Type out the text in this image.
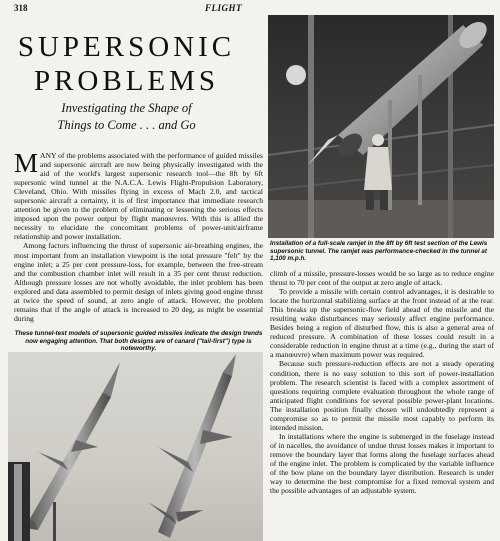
318	FLIGHT
SUPERSONIC
PROBLEMS
Investigating the Shape of
Things to Come . . . and Go
Installation of a full-scale ramjet in the 8ft by 6ft test section of the Lewis supersonic tunnel. The ramjet was performance-checked in the tunnel at 1,100 m.p.h.

MANY of the problems associated with the performance of guided missiles and supersonic aircraft are now being physically investigated with the aid of the world's largest supersonic research tool—the 8ft by 6ft supersonic wind tunnel at the N.A.C.A. Lewis Flight-Propulsion Laboratory, Cleveland, Ohio. With missiles flying in excess of Mach 2.0, and tactical supersonic aircraft a certainty, it is of first importance that immediate research attention be given to the problem of eliminating or lessening the serious effects imposed upon the power output by flight manœuvres. With this is allied the necessity to elucidate the concomitant problems of power-unit/airframe relationship and power installation.

Among factors influencing the thrust of supersonic air-breathing engines, the most important from an installation viewpoint is the total pressure "felt" by the engine inlet; a 25 per cent pressure-loss, for example, between the free-stream and the combustion chamber inlet will result in a 35 per cent thrust reduction. Although pressure losses are not wholly avoidable, the inlet problem has been explored and data assembled to permit design of inlets giving good engine thrust at twice the speed of sound, at zero angle of attack. However, the problem remains that if the angle of attack is increased to 20 deg, as might be essential during

These tunnel-test models of supersonic guided missiles indicate the design trends now engaging attention. That both designs are of canard ("tail-first") type is noteworthy.

climb of a missile, pressure-losses would be so large as to reduce engine thrust to 70 per cent of the output at zero angle of attack.

To provide a missile with certain control advantages, it is desirable to locate the horizontal stabilizing surface at the front instead of at the rear. This breaks up the supersonic-flow field ahead of the missile and the resulting wake disturbances may seriously affect engine performance. Besides being a region of disturbed flow, this is also a general area of reduced pressure. A combination of these losses could result in a considerable reduction in engine thrust at a time (e.g., during the start of a manœuvre) when maximum power was required.

Because such pressure-reduction effects are not a steady operating condition, there is no easy solution to this sort of power-installation problem. The research scientist is faced with a complex assortment of questions requiring complete evaluation throughout the whole range of anticipated flight conditions for several possible power-plant locations. The installation position finally chosen will undoubtedly represent a compromise so as to permit the missile most capably to perform its intended mission.

In installations where the engine is submerged in the fuselage instead of in nacelles, the avoidance of undue thrust losses makes it important to remove the boundary layer that forms along the fuselage surfaces ahead of the engine inlet. The problem is complicated by the variable influence of the bow plane on the boundary layer distribution. Research is under way to determine the best compromise for a fixed removal system and the possible advantages of an adjustable system.
